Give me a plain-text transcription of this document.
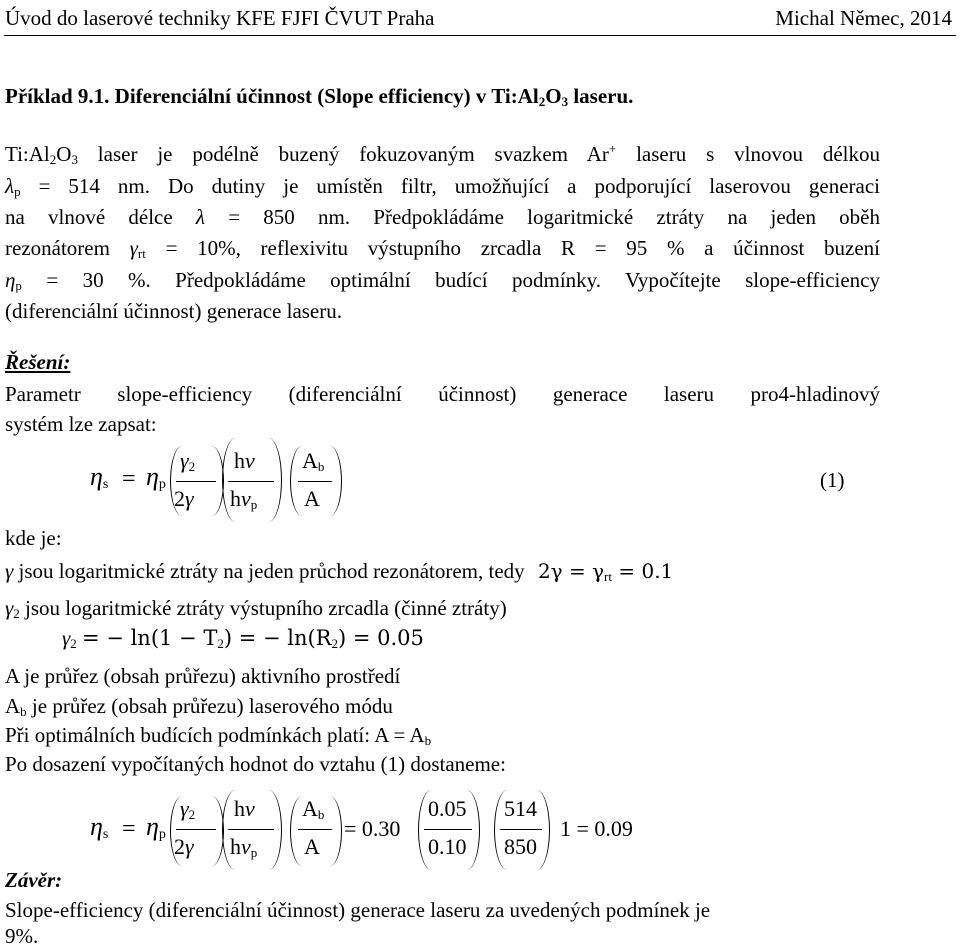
Úvod do laserové techniky KFE FJFI ČVUT Praha	Michal Němec, 2014
Příklad 9.1. Diferenciální účinnost (Slope efficiency) v $Ti:Al_2O_3$ laseru.
$Ti:Al_2O_3$ laser je podélně buzený fokuzovaným svazkem Ar+ laseru s vlnovou délkou
$\lambda_p = 514$ nm. Do dutiny je umístěn filtr, umožňující a podporující laserovou generaci
na vlnové délce λ = 850 nm. Předpokládáme logaritmické ztráty na jeden oběh
rezonátorem $\gamma_{rt} = 10\%$, reflexivitu výstupního zrcadla R = 95 % a účinnost buzení
$\eta_p = 30$ %. Předpokládáme optimální budící podmínky. Vypočítejte slope-efficiency
(diferenciální účinnost) generace laseru.
Řešení:
Parametr slope-efficiency (diferenciální účinnost) generace laseru pro4-hladinový
systém lze zapsat:
$\eta_s = \eta_p$
$\gamma_2$
2γ
hν
$h\nu_p$
$A_b$
A
(1)
kde je:
γ jsou logaritmické ztráty na jeden průchod rezonátorem, tedy $2\gamma = \gamma_{rt} = 0.1$
$\gamma_2$ jsou logaritmické ztráty výstupního zrcadla (činné ztráty)
$\gamma_2$ = − $\ln(1 - T_2)$ = − $\ln(R_2) = 0.05$
A je průřez (obsah průřezu) aktivního prostředí
$A_b$ je průřez (obsah průřezu) laserového módu
Při optimálních budících podmínkách platí: $A = A_b$
Po dosazení vypočítaných hodnot do vztahu (1) dostaneme:
$\eta_s = \eta_p$
$\gamma_2$
2γ
hν
$h\nu_p$
$A_b$
A
= 0.30
0.05
0.10
514
850
1 = 0.09
Závěr:
Slope-efficiency (diferenciální účinnost) generace laseru za uvedených podmínek je
9%.
